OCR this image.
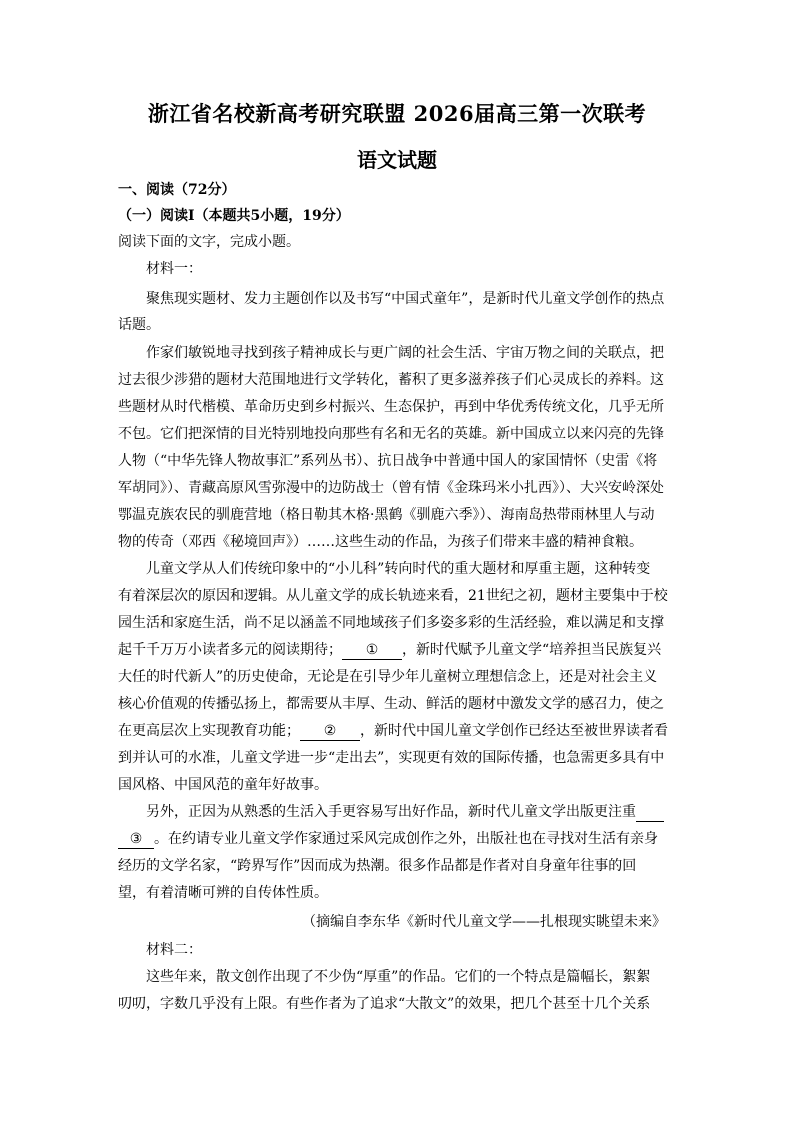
浙江省名校新高考研究联盟 2026届高三第一次联考
语文试题
一、阅读（72分）
（一）阅读Ⅰ（本题共5小题，19分）
阅读下面的文字，完成小题。
材料一：
聚焦现实题材、发力主题创作以及书写“中国式童年”，是新时代儿童文学创作的热点
话题。
作家们敏锐地寻找到孩子精神成长与更广阔的社会生活、宇宙万物之间的关联点，把
过去很少涉猎的题材大范围地进行文学转化，蓄积了更多滋养孩子们心灵成长的养料。这
些题材从时代楷模、革命历史到乡村振兴、生态保护，再到中华优秀传统文化，几乎无所
不包。它们把深情的目光特别地投向那些有名和无名的英雄。新中国成立以来闪亮的先锋
人物（“中华先锋人物故事汇”系列丛书）、抗日战争中普通中国人的家国情怀（史雷《将
军胡同》）、青藏高原风雪弥漫中的边防战士（曾有情《金珠玛米小扎西》）、大兴安岭深处
鄂温克族农民的驯鹿营地（格日勒其木格·黑鹤《驯鹿六季》）、海南岛热带雨林里人与动
物的传奇（邓西《秘境回声》）……这些生动的作品，为孩子们带来丰盛的精神食粮。
儿童文学从人们传统印象中的“小儿科”转向时代的重大题材和厚重主题，这种转变
有着深层次的原因和逻辑。从儿童文学的成长轨迹来看，21世纪之初，题材主要集中于校
园生活和家庭生活，尚不足以涵盖不同地域孩子们多姿多彩的生活经验，难以满足和支撑
起千千万万小读者多元的阅读期待； ① ，新时代赋予儿童文学“培养担当民族复兴
大任的时代新人”的历史使命，无论是在引导少年儿童树立理想信念上，还是对社会主义
核心价值观的传播弘扬上，都需要从丰厚、生动、鲜活的题材中激发文学的感召力，使之
在更高层次上实现教育功能； ② ，新时代中国儿童文学创作已经达至被世界读者看
到并认可的水准，儿童文学进一步“走出去”，实现更有效的国际传播，也急需更多具有中
国风格、中国风范的童年好故事。
另外，正因为从熟悉的生活入手更容易写出好作品，新时代儿童文学出版更注重
③ 。在约请专业儿童文学作家通过采风完成创作之外，出版社也在寻找对生活有亲身
经历的文学名家，“跨界写作”因而成为热潮。很多作品都是作者对自身童年往事的回
望，有着清晰可辨的自传体性质。
（摘编自李东华《新时代儿童文学——扎根现实眺望未来》
材料二：
这些年来，散文创作出现了不少伪“厚重”的作品。它们的一个特点是篇幅长，絮絮
叨叨，字数几乎没有上限。有些作者为了追求“大散文”的效果，把几个甚至十几个关系
